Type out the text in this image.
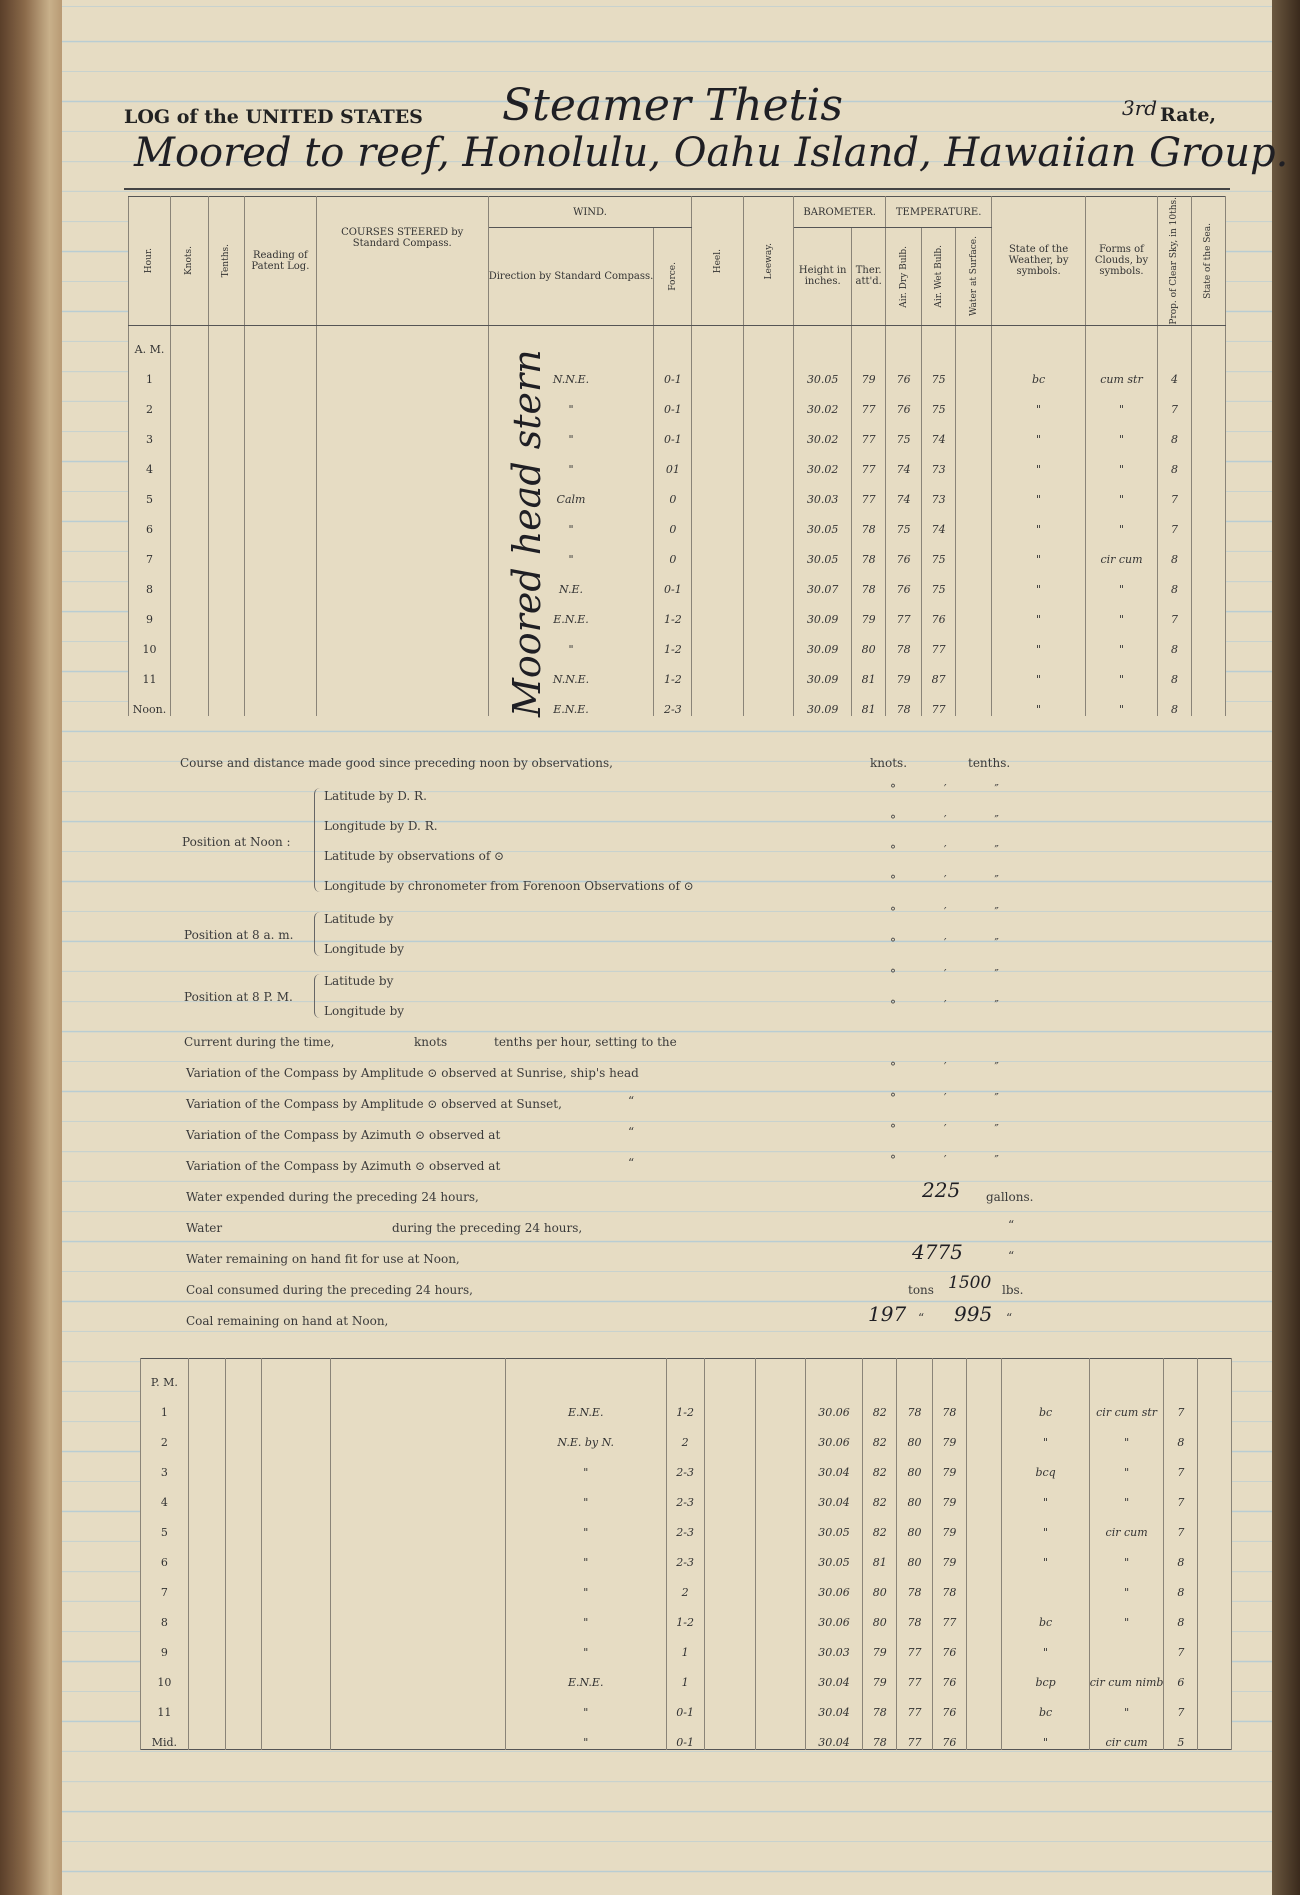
LOG of the UNITED STATES Steamer Thetis	3rd Rate,
Moored to reef, Honolulu, Oahu Island, Hawaiian Group.
Hour.	Knots.	Tenths.	Reading of Patent Log.	COURSES STEERED by Standard Compass.	WIND.		Heel.	Leeway.	BAROMETER.		TEMPERATURE.			State of the Weather, by symbols.	Forms of Clouds, by symbols.	Prop. of Clear Sky, in 10ths.	State of the Sea.

					Direction by Standard Compass.	Force.			Height in inches.	Ther. att'd.	Air. Dry Bulb.	Air. Wet Bulb.	Water at Surface.				

A. M.																	
1					N.N.E.	0-1			30.05	79	76	75		bc	cum str	4	
2					"	0-1			30.02	77	76	75		"	"	7	
3					"	0-1			30.02	77	75	74		"	"	8	
4					"	01			30.02	77	74	73		"	"	8	
5					Calm	0			30.03	77	74	73		"	"	7	
6					"	0			30.05	78	75	74		"	"	7	
7					"	0			30.05	78	76	75		"	cir cum	8	
8					N.E.	0-1			30.07	78	76	75		"	"	8	
9					E.N.E.	1-2			30.09	79	77	76		"	"	7	
10					"	1-2			30.09	80	78	77		"	"	8	
11					N.N.E.	1-2			30.09	81	79	87		"	"	8	
Noon.					E.N.E.	2-3			30.09	81	78	77		"	"	8	
Moored head stern
Course and distance made good since preceding noon by observations,	knots.	tenths.
Position at Noon :
Latitude by D. R.
Longitude by D. R.
Latitude by observations of ⊙
Longitude by chronometer from Forenoon Observations of ⊙
Position at 8 a. m.
Latitude by
Longitude by
Position at 8 P. M.
Latitude by
Longitude by
Current during the time,	knots	tenths per hour, setting to the
Variation of the Compass by Amplitude ⊙ observed at Sunrise, ship's head
Variation of the Compass by Amplitude ⊙ observed at Sunset,	“
Variation of the Compass by Azimuth ⊙ observed at	“
Variation of the Compass by Azimuth ⊙ observed at	“
Water expended during the preceding 24 hours,	225 gallons.
Water	during the preceding 24 hours,	“
Water remaining on hand fit for use at Noon,	4775	“
Coal consumed during the preceding 24 hours,	tons 1500 lbs.
Coal remaining on hand at Noon,	197 “ 995 “
° ′ ″
° ′ ″
° ′ ″
° ′ ″
° ′ ″
° ′ ″
° ′ ″
° ′ ″
° ′ ″
° ′ ″
° ′ ″
° ′ ″
P. M.																	
1					E.N.E.	1-2			30.06	82	78	78		bc	cir cum str	7	
2					N.E. by N.	2			30.06	82	80	79		"	"	8	
3					"	2-3			30.04	82	80	79		bcq	"	7	
4					"	2-3			30.04	82	80	79		"	"	7	
5					"	2-3			30.05	82	80	79		"	cir cum	7	
6					"	2-3			30.05	81	80	79		"	"	8	
7					"	2			30.06	80	78	78			"	8	
8					"	1-2			30.06	80	78	77		bc	"	8	
9					"	1			30.03	79	77	76		"		7	
10					E.N.E.	1			30.04	79	77	76		bcp	cir cum nimb	6	
11					"	0-1			30.04	78	77	76		bc	"	7	
Mid.					"	0-1			30.04	78	77	76		"	cir cum	5	
